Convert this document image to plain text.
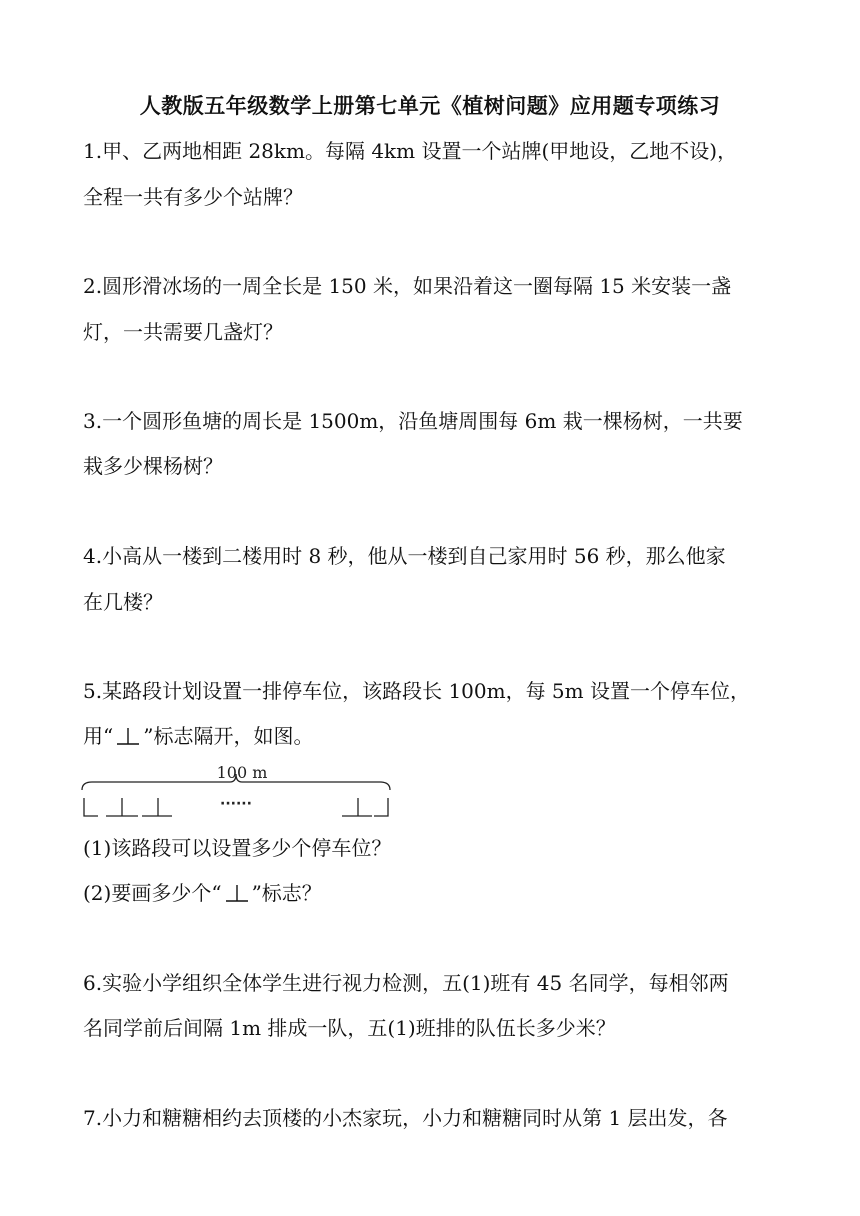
人教版五年级数学上册第七单元《植树问题》应用题专项练习
1.甲、乙两地相距 28km。每隔 4km 设置一个站牌(甲地设，乙地不设)，
全程一共有多少个站牌？
2.圆形滑冰场的一周全长是 150 米，如果沿着这一圈每隔 15 米安装一盏
灯，一共需要几盏灯？
3.一个圆形鱼塘的周长是 1500m，沿鱼塘周围每 6m 栽一棵杨树，一共要
栽多少棵杨树？
4.小高从一楼到二楼用时 8 秒，他从一楼到自己家用时 56 秒，那么他家
在几楼？
5.某路段计划设置一排停车位，该路段长 100m，每 5m 设置一个停车位，
用“ ”标志隔开，如图。
100 m
······
(1)该路段可以设置多少个停车位？
(2)要画多少个“ ”标志？
6.实验小学组织全体学生进行视力检测，五(1)班有 45 名同学，每相邻两
名同学前后间隔 1m 排成一队，五(1)班排的队伍长多少米？
7.小力和糖糖相约去顶楼的小杰家玩，小力和糖糖同时从第 1 层出发，各
